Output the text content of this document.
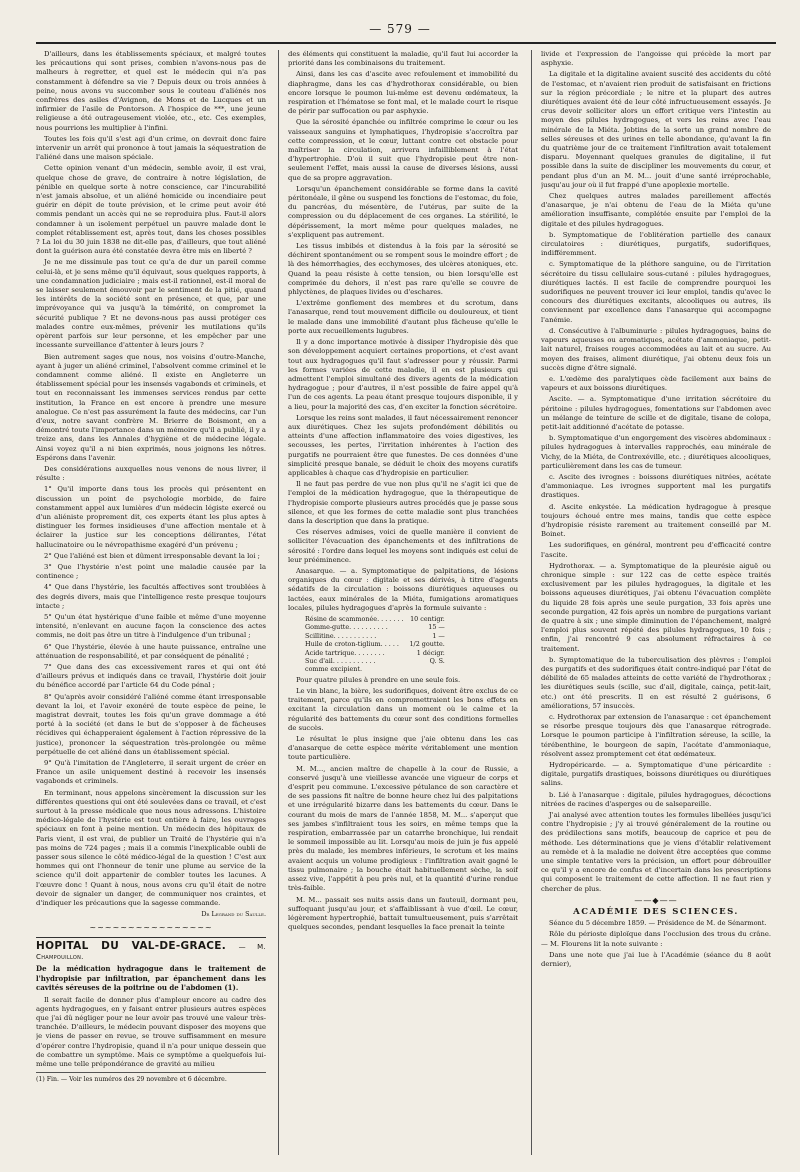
— 579 —

D'ailleurs, dans les établissements spéciaux, et malgré toutes les précautions qui sont prises, combien n'avons-nous pas de malheurs à regretter, et quel est le médecin qui n'a pas constamment à défendre sa vie ? Depuis deux ou trois années à peine, nous avons vu succomber sous le couteau d'aliénés nos confrères des asiles d'Avignon, de Mons et de Lucques et un infirmier de l'asile de Pontorson. A l'hospice de ***, une jeune religieuse a été outrageusement violée, etc., etc. Ces exemples, nous pourrions les multiplier à l'infini.

Toutes les fois qu'il s'est agi d'un crime, on devrait donc faire intervenir un arrêt qui prononce à tout jamais la séquestration de l'aliéné dans une maison spéciale.

Cette opinion venant d'un médecin, semble avoir, il est vrai, quelque chose de grave, de contraire à notre législation, de pénible en quelque sorte à notre conscience, car l'incurabilité n'est jamais absolue, et un aliéné homicide ou incendiaire peut guérir en dépit de toute prévision, et le crime peut avoir été commis pendant un accès qui ne se reproduira plus. Faut-il alors condamner à un isolement perpétuel un pauvre malade dont le complet rétablissement est, après tout, dans les choses possibles ? La loi du 30 juin 1838 ne dit-elle pas, d'ailleurs, que tout aliéné dont la guérison aura été constatée devra être mis en liberté ?

Je ne me dissimule pas tout ce qu'a de dur un pareil comme celui-là, et je sens même qu'il équivaut, sous quelques rapports, à une condamnation judiciaire ; mais est-il rationnel, est-il moral de se laisser seulement émouvoir par le sentiment de la pitié, quand les intérêts de la société sont en présence, et que, par une imprévoyance qui va jusqu'à la témérité, on compromet la sécurité publique ? Et ne devons-nous pas aussi protéger ces malades contre eux-mêmes, prévenir les mutilations qu'ils opèrent parfois sur leur personne, et les empêcher par une incessante surveillance d'attenter à leurs jours ?

Bien autrement sages que nous, nos voisins d'outre-Manche, ayant à juger un aliéné criminel, l'absolvent comme criminel et le condamnent comme aliéné. Il existe en Angleterre un établissement spécial pour les insensés vagabonds et criminels, et tout en reconnaissant les immenses services rendus par cette institution, la France en est encore à prendre une mesure analogue. Ce n'est pas assurément la faute des médecins, car l'un d'eux, notre savant confrère M. Brierre de Boismont, en a démontré toute l'importance dans un mémoire qu'il a publié, il y a treize ans, dans les Annales d'hygiène et de médecine légale. Ainsi voyez qu'il a ni bien exprimés, nous joignons les nôtres. Espérons dans l'avenir.

Des considérations auxquelles nous venons de nous livrer, il résulte :

1° Qu'il importe dans tous les procès qui présentent en discussion un point de psychologie morbide, de faire constamment appel aux lumières d'un médecin légiste exercé ou d'un aliéniste proprement dit, ces experts étant les plus aptes à distinguer les formes insidieuses d'une affection mentale et à éclairer la justice sur les conceptions délirantes, l'état hallucinatoire ou le névropathisme exagéré d'un prévenu ;

2° Que l'aliéné est bien et dûment irresponsable devant la loi ;

3° Que l'hystérie n'est point une maladie causée par la continence ;

4° Que dans l'hystérie, les facultés affectives sont troublées à des degrés divers, mais que l'intelligence reste presque toujours intacte ;

5° Qu'un état hystérique d'une faible et même d'une moyenne intensité, n'enlevant en aucune façon la conscience des actes commis, ne doit pas être un titre à l'indulgence d'un tribunal ;

6° Que l'hystérie, élevée à une haute puissance, entraîne une atténuation de responsabilité, et par conséquent de pénalité ;

7° Que dans des cas excessivement rares et qui ont été d'ailleurs prévus et indiqués dans ce travail, l'hystérie doit jouir du bénéfice accordé par l'article 64 du Code pénal ;

8° Qu'après avoir considéré l'aliéné comme étant irresponsable devant la loi, et l'avoir exonéré de toute espèce de peine, le magistrat devrait, toutes les fois qu'un grave dommage a été porté à la société (et dans le but de s'opposer à de fâcheuses récidives qui échapperaient également à l'action répressive de la justice), prononcer la séquestration très-prolongée ou même perpétuelle de cet aliéné dans un établissement spécial.

9° Qu'à l'imitation de l'Angleterre, il serait urgent de créer en France un asile uniquement destiné à recevoir les insensés vagabonds et criminels.

En terminant, nous appelons sincèrement la discussion sur les différentes questions qui ont été soulevées dans ce travail, et c'est surtout à la presse médicale que nous nous adressons. L'histoire médico-légale de l'hystérie est tout entière à faire, les ouvrages spéciaux en font à peine mention. Un médecin des hôpitaux de Paris vient, il est vrai, de publier un Traité de l'hystérie qui n'a pas moins de 724 pages ; mais il a commis l'inexplicable oubli de passer sous silence le côté médico-légal de la question ! C'est aux hommes qui ont l'honneur de tenir une plume au service de la science qu'il doit appartenir de combler toutes les lacunes. A l'œuvre donc ! Quant à nous, nous avons cru qu'il était de notre devoir de signaler un danger, de communiquer nos craintes, et d'indiquer les précautions que la sagesse commande.

Dr Legrand du Saulle.
~~~~~~~~~~~~~~~~
HOPITAL DU VAL-DE-GRACE. — M. Champouillon.
De la médication hydragogue dans le traitement de l'hydropisie par infiltration, par épanchement dans les cavités séreuses de la poitrine ou de l'abdomen (1).

Il serait facile de donner plus d'ampleur encore au cadre des agents hydragogues, en y faisant entrer plusieurs autres espèces que j'ai dû négliger pour ne leur avoir pas trouvé une valeur très-tranchée. D'ailleurs, le médecin pouvant disposer des moyens que je viens de passer en revue, se trouve suffisamment en mesure d'opérer contre l'hydropisie, quand il n'a pour unique dessein que de combattre un symptôme. Mais ce symptôme a quelquefois lui-même une telle prépondérance de gravité au milieu

(1) Fin. — Voir les numéros des 29 novembre et 6 décembre.

des éléments qui constituent la maladie, qu'il faut lui accorder la priorité dans les combinaisons du traitement.

Ainsi, dans les cas d'ascite avec refoulement et immobilité du diaphragme, dans les cas d'hydrothorax considérable, ou bien encore lorsque le poumon lui-même est devenu œdémateux, la respiration et l'hématose se font mal, et le malade court le risque de périr par suffocation ou par asphyxie.

Que la sérosité épanchée ou infiltrée comprime le cœur ou les vaisseaux sanguins et lymphatiques, l'hydropisie s'accroîtra par cette compression, et le cœur, luttant contre cet obstacle pour maîtriser la circulation, arrivera infailliblement à l'état d'hypertrophie. D'où il suit que l'hydropisie peut être non-seulement l'effet, mais aussi la cause de diverses lésions, aussi que de sa propre aggravation.

Lorsqu'un épanchement considérable se forme dans la cavité péritonéale, il gêne ou suspend les fonctions de l'estomac, du foie, du pancréas, du mésentère, de l'utérus, par suite de la compression ou du déplacement de ces organes. La stérilité, le dépérissement, la mort même pour quelques malades, ne s'expliquent pas autrement.

Les tissus imbibés et distendus à la fois par la sérosité se déchirent spontanément ou se rompent sous le moindre effort ; de là des hémorrhagies, des ecchymoses, des ulcères atoniques, etc. Quand la peau résiste à cette tension, ou bien lorsqu'elle est comprimée du dehors, il n'est pas rare qu'elle se couvre de phlyctènes, de plaques livides ou d'eschares.

L'extrême gonflement des membres et du scrotum, dans l'anasarque, rend tout mouvement difficile ou douloureux, et tient le malade dans une immobilité d'autant plus fâcheuse qu'elle le porte aux recueillements lugubres.

Il y a donc importance motivée à dissiper l'hydropisie dès que son développement acquiert certaines proportions, et c'est avant tout aux hydragogues qu'il faut s'adresser pour y réussir. Parmi les formes variées de cette maladie, il en est plusieurs qui admettent l'emploi simultané des divers agents de la médication hydragogue ; pour d'autres, il n'est possible de faire appel qu'à l'un de ces agents. La peau étant presque toujours disponible, il y a lieu, pour la majorité des cas, d'en exciter la fonction sécrétoire.

Lorsque les reins sont malades, il faut nécessairement renoncer aux diurétiques. Chez les sujets profondément débilités ou atteints d'une affection inflammatoire des voies digestives, les secousses, les pertes, l'irritation inhérentes à l'action des purgatifs ne pourraient être que funestes. De ces données d'une simplicité presque banale, se déduit le choix des moyens curatifs applicables à chaque cas d'hydropisie en particulier.

Il ne faut pas perdre de vue non plus qu'il ne s'agit ici que de l'emploi de la médication hydragogue, que la thérapeutique de l'hydropisie comporte plusieurs autres procédés que je passe sous silence, et que les formes de cette maladie sont plus tranchées dans la description que dans la pratique.

Ces réserves admises, voici de quelle manière il convient de solliciter l'évacuation des épanchements et des infiltrations de sérosité : l'ordre dans lequel les moyens sont indiqués est celui de leur prééminence.

Anasarque. — a. Symptomatique de palpitations, de lésions organiques du cœur : digitale et ses dérivés, à titre d'agents sédatifs de la circulation : boissons diurétiques aqueuses ou lactées, eaux minérales de la Miéta, fumigations aromatiques locales, pilules hydragogues d'après la formule suivante :

Résine de scammonée. . . . . . .	10 centigr.
Gomme-gutte. . . . . . . . . .	15 —
Scillitine. . . . . . . . . . .	1 —
Huile de croton-tiglium. . . . .	1/2 goutte.
Acide tartrique. . . . . . . .	1 décigr.
Suc d'ail. . . . . . . . . . .	Q. S.
comme excipient.	

Pour quatre pilules à prendre en une seule fois.

Le vin blanc, la bière, les sudorifiques, doivent être exclus de ce traitement, parce qu'ils en compromettraient les bons effets en excitant la circulation dans un moment où le calme et la régularité des battements du cœur sont des conditions formelles de succès.

Le résultat le plus insigne que j'aie obtenu dans les cas d'anasarque de cette espèce mérite véritablement une mention toute particulière.

M. M..., ancien maître de chapelle à la cour de Russie, a conservé jusqu'à une vieillesse avancée une vigueur de corps et d'esprit peu commune. L'excessive pétulance de son caractère et de ses passions fit naître de bonne heure chez lui des palpitations et une irrégularité bizarre dans les battements du cœur. Dans le courant du mois de mars de l'année 1858, M. M... s'aperçut que ses jambes s'infiltraient tous les soirs, en même temps que la respiration, embarrassée par un catarrhe bronchique, lui rendait le sommeil impossible au lit. Lorsqu'au mois de juin je fus appelé près du malade, les membres inférieurs, le scrotum et les mains avaient acquis un volume prodigieux : l'infiltration avait gagné le tissu pulmonaire ; la bouche était habituellement sèche, la soif assez vive, l'appétit à peu près nul, et la quantité d'urine rendue très-faible.

M. M... passait ses nuits assis dans un fauteuil, dormant peu, suffoquant jusqu'au jour, et s'affaiblissant à vue d'œil. Le cœur, légèrement hypertrophié, battait tumultueusement, puis s'arrêtait quelques secondes, pendant lesquelles la face prenait la teinte

livide et l'expression de l'angoisse qui précède la mort par asphyxie.

La digitale et la digitaline avaient suscité des accidents du côté de l'estomac, et n'avaient rien produit de satisfaisant en frictions sur la région précordiale ; le nitre et la plupart des autres diurétiques avaient été de leur côté infructueusement essayés. Je crus devoir solliciter alors un effort critique vers l'intestin au moyen des pilules hydragogues, et vers les reins avec l'eau minérale de la Miéta. Jobtins de la sorte un grand nombre de selles séreuses et des urines en telle abondance, qu'avant la fin du quatrième jour de ce traitement l'infiltration avait totalement disparu. Moyennant quelques granules de digitaline, il fut possible dans la suite de discipliner les mouvements du cœur, et pendant plus d'un an M. M... jouit d'une santé irréprochable, jusqu'au jour où il fut frappé d'une apoplexie mortelle.

Chez quelques autres malades pareillement affectés d'anasarque, je n'ai obtenu de l'eau de la Miéta qu'une amélioration insuffisante, complétée ensuite par l'emploi de la digitale et des pilules hydragogues.

b. Symptomatique de l'oblitération partielle des canaux circulatoires : diurétiques, purgatifs, sudorifiques, indifféremment.

c. Symptomatique de la pléthore sanguine, ou de l'irritation sécrétoire du tissu cellulaire sous-cutané : pilules hydragogues, diurétiques lactés. Il est facile de comprendre pourquoi les sudorifiques ne peuvent trouver ici leur emploi, tandis qu'avec le concours des diurétiques excitants, alcooliques ou autres, ils conviennent par excellence dans l'anasarque qui accompagne l'anémie.

d. Consécutive à l'albuminurie : pilules hydragogues, bains de vapeurs aqueuses ou aromatiques, acétate d'ammoniaque, petit-lait naturel, fraises rouges accommodées au lait et au sucre. Au moyen des fraises, aliment diurétique, j'ai obtenu deux fois un succès digne d'être signalé.

e. L'œdème des paralytiques cède facilement aux bains de vapeurs et aux boissons diurétiques.

Ascite. — a. Symptomatique d'une irritation sécrétoire du péritoine : pilules hydragogues, fomentations sur l'abdomen avec un mélange de teinture de scille et de digitale, tisane de colopa, petit-lait additionné d'acétate de potasse.

b. Symptomatique d'un engorgement des viscères abdominaux : pilules hydragogues à intervalles rapprochés, eau minérale de Vichy, de la Miéta, de Contrexéville, etc. ; diurétiques alcooliques, particulièrement dans les cas de tumeur.

c. Ascite des ivrognes : boissons diurétiques nitrées, acétate d'ammoniaque. Les ivrognes supportent mal les purgatifs drastiques.

d. Ascite enkystée. La médication hydragogue à presque toujours échoué entre mes mains, tandis que cette espèce d'hydropisie résiste rarement au traitement conseillé par M. Boinet.

Les sudorifiques, en général, montrent peu d'efficacité contre l'ascite.

Hydrothorax. — a. Symptomatique de la pleurésie aiguë ou chronique simple : sur 122 cas de cette espèce traités exclusivement par les pilules hydragogues, la digitale et les boissons aqueuses diurétiques, j'ai obtenu l'évacuation complète du liquide 28 fois après une seule purgation, 33 fois après une seconde purgation, 42 fois après un nombre de purgations variant de quatre à six ; une simple diminution de l'épanchement, malgré l'emploi plus souvent répété des pilules hydragogues, 10 fois ; enfin, j'ai rencontré 9 cas absolument réfractaires à ce traitement.

b. Symptomatique de la tuberculisation des plèvres : l'emploi des purgatifs et des sudorifiques était contre-indiqué par l'état de débilité de 65 malades atteints de cette variété de l'hydrothorax ; les diurétiques seuls (scille, suc d'ail, digitale, cainça, petit-lait, etc.) ont été prescrits. Il en est résulté 2 guérisons, 6 améliorations, 57 insuccès.

c. Hydrothorax par extension de l'anasarque : cet épanchement se résorbe presque toujours dès que l'anasarque rétrograde. Lorsque le poumon participe à l'infiltration séreuse, la scille, la térébenthine, le bourgeon de sapin, l'acétate d'ammoniaque, résolvent assez promptement cet état œdémateux.

Hydropéricarde. — a. Symptomatique d'une péricardite : digitale, purgatifs drastiques, boissons diurétiques ou diurétiques salins.

b. Lié à l'anasarque : digitale, pilules hydragogues, décoctions nitrées de racines d'asperges ou de salsepareille.

J'ai analysé avec attention toutes les formules libellées jusqu'ici contre l'hydropisie ; j'y ai trouvé généralement de la routine ou des prédilections sans motifs, beaucoup de caprice et peu de méthode. Les déterminations que je viens d'établir relativement au remède et à la maladie ne doivent être acceptées que comme une simple tentative vers la précision, un effort pour débrouiller ce qu'il y a encore de confus et d'incertain dans les prescriptions qui composent le traitement de cette affection. Il ne faut rien y chercher de plus.

——◆——
ACADÉMIE DES SCIENCES.

Séance du 5 décembre 1859. — Présidence de M. de Sénarmont.

Rôle du périoste diploïque dans l'occlusion des trous du crâne. — M. Flourens lit la note suivante :

Dans une note que j'ai lue à l'Académie (séance du 8 août dernier),
